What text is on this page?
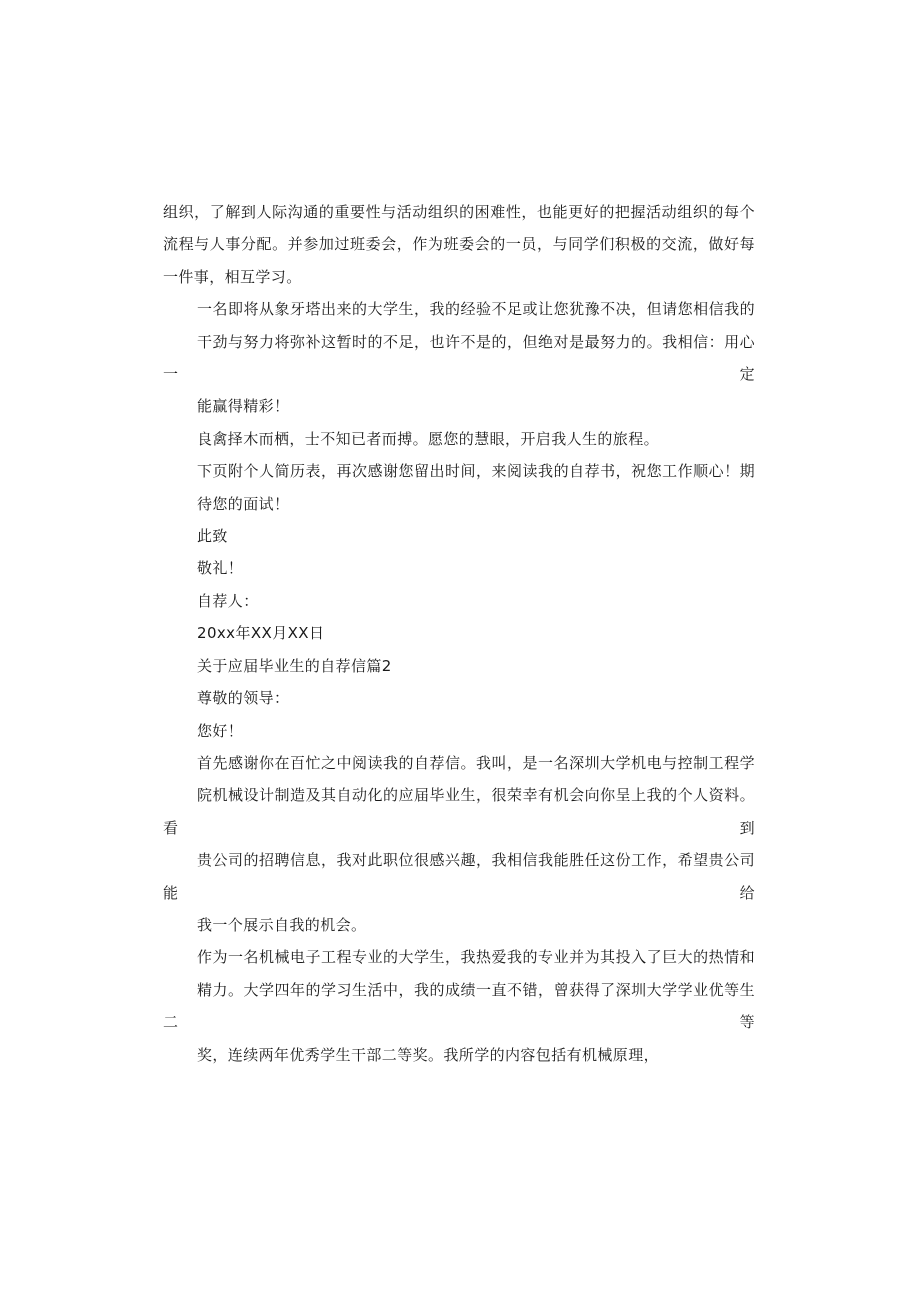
组织，了解到人际沟通的重要性与活动组织的困难性，也能更好的把握活动组织的每个
流程与人事分配。并参加过班委会，作为班委会的一员，与同学们积极的交流，做好每
一件事，相互学习。

一名即将从象牙塔出来的大学生，我的经验不足或让您犹豫不决，但请您相信我的
干劲与努力将弥补这暂时的不足，也许不是的，但绝对是最努力的。我相信：用心一定
能赢得精彩！

良禽择木而栖，士不知已者而搏。愿您的慧眼，开启我人生的旅程。

下页附个人简历表，再次感谢您留出时间，来阅读我的自荐书，祝您工作顺心！期
待您的面试！

此致

敬礼！

自荐人：

20xx年XX月XX日

关于应届毕业生的自荐信篇2

尊敬的领导：

您好！

首先感谢你在百忙之中阅读我的自荐信。我叫，是一名深圳大学机电与控制工程学
院机械设计制造及其自动化的应届毕业生，很荣幸有机会向你呈上我的个人资料。看到
贵公司的招聘信息，我对此职位很感兴趣，我相信我能胜任这份工作，希望贵公司能给
我一个展示自我的机会。

作为一名机械电子工程专业的大学生，我热爱我的专业并为其投入了巨大的热情和
精力。大学四年的学习生活中，我的成绩一直不错，曾获得了深圳大学学业优等生二等
奖，连续两年优秀学生干部二等奖。我所学的内容包括有机械原理，
